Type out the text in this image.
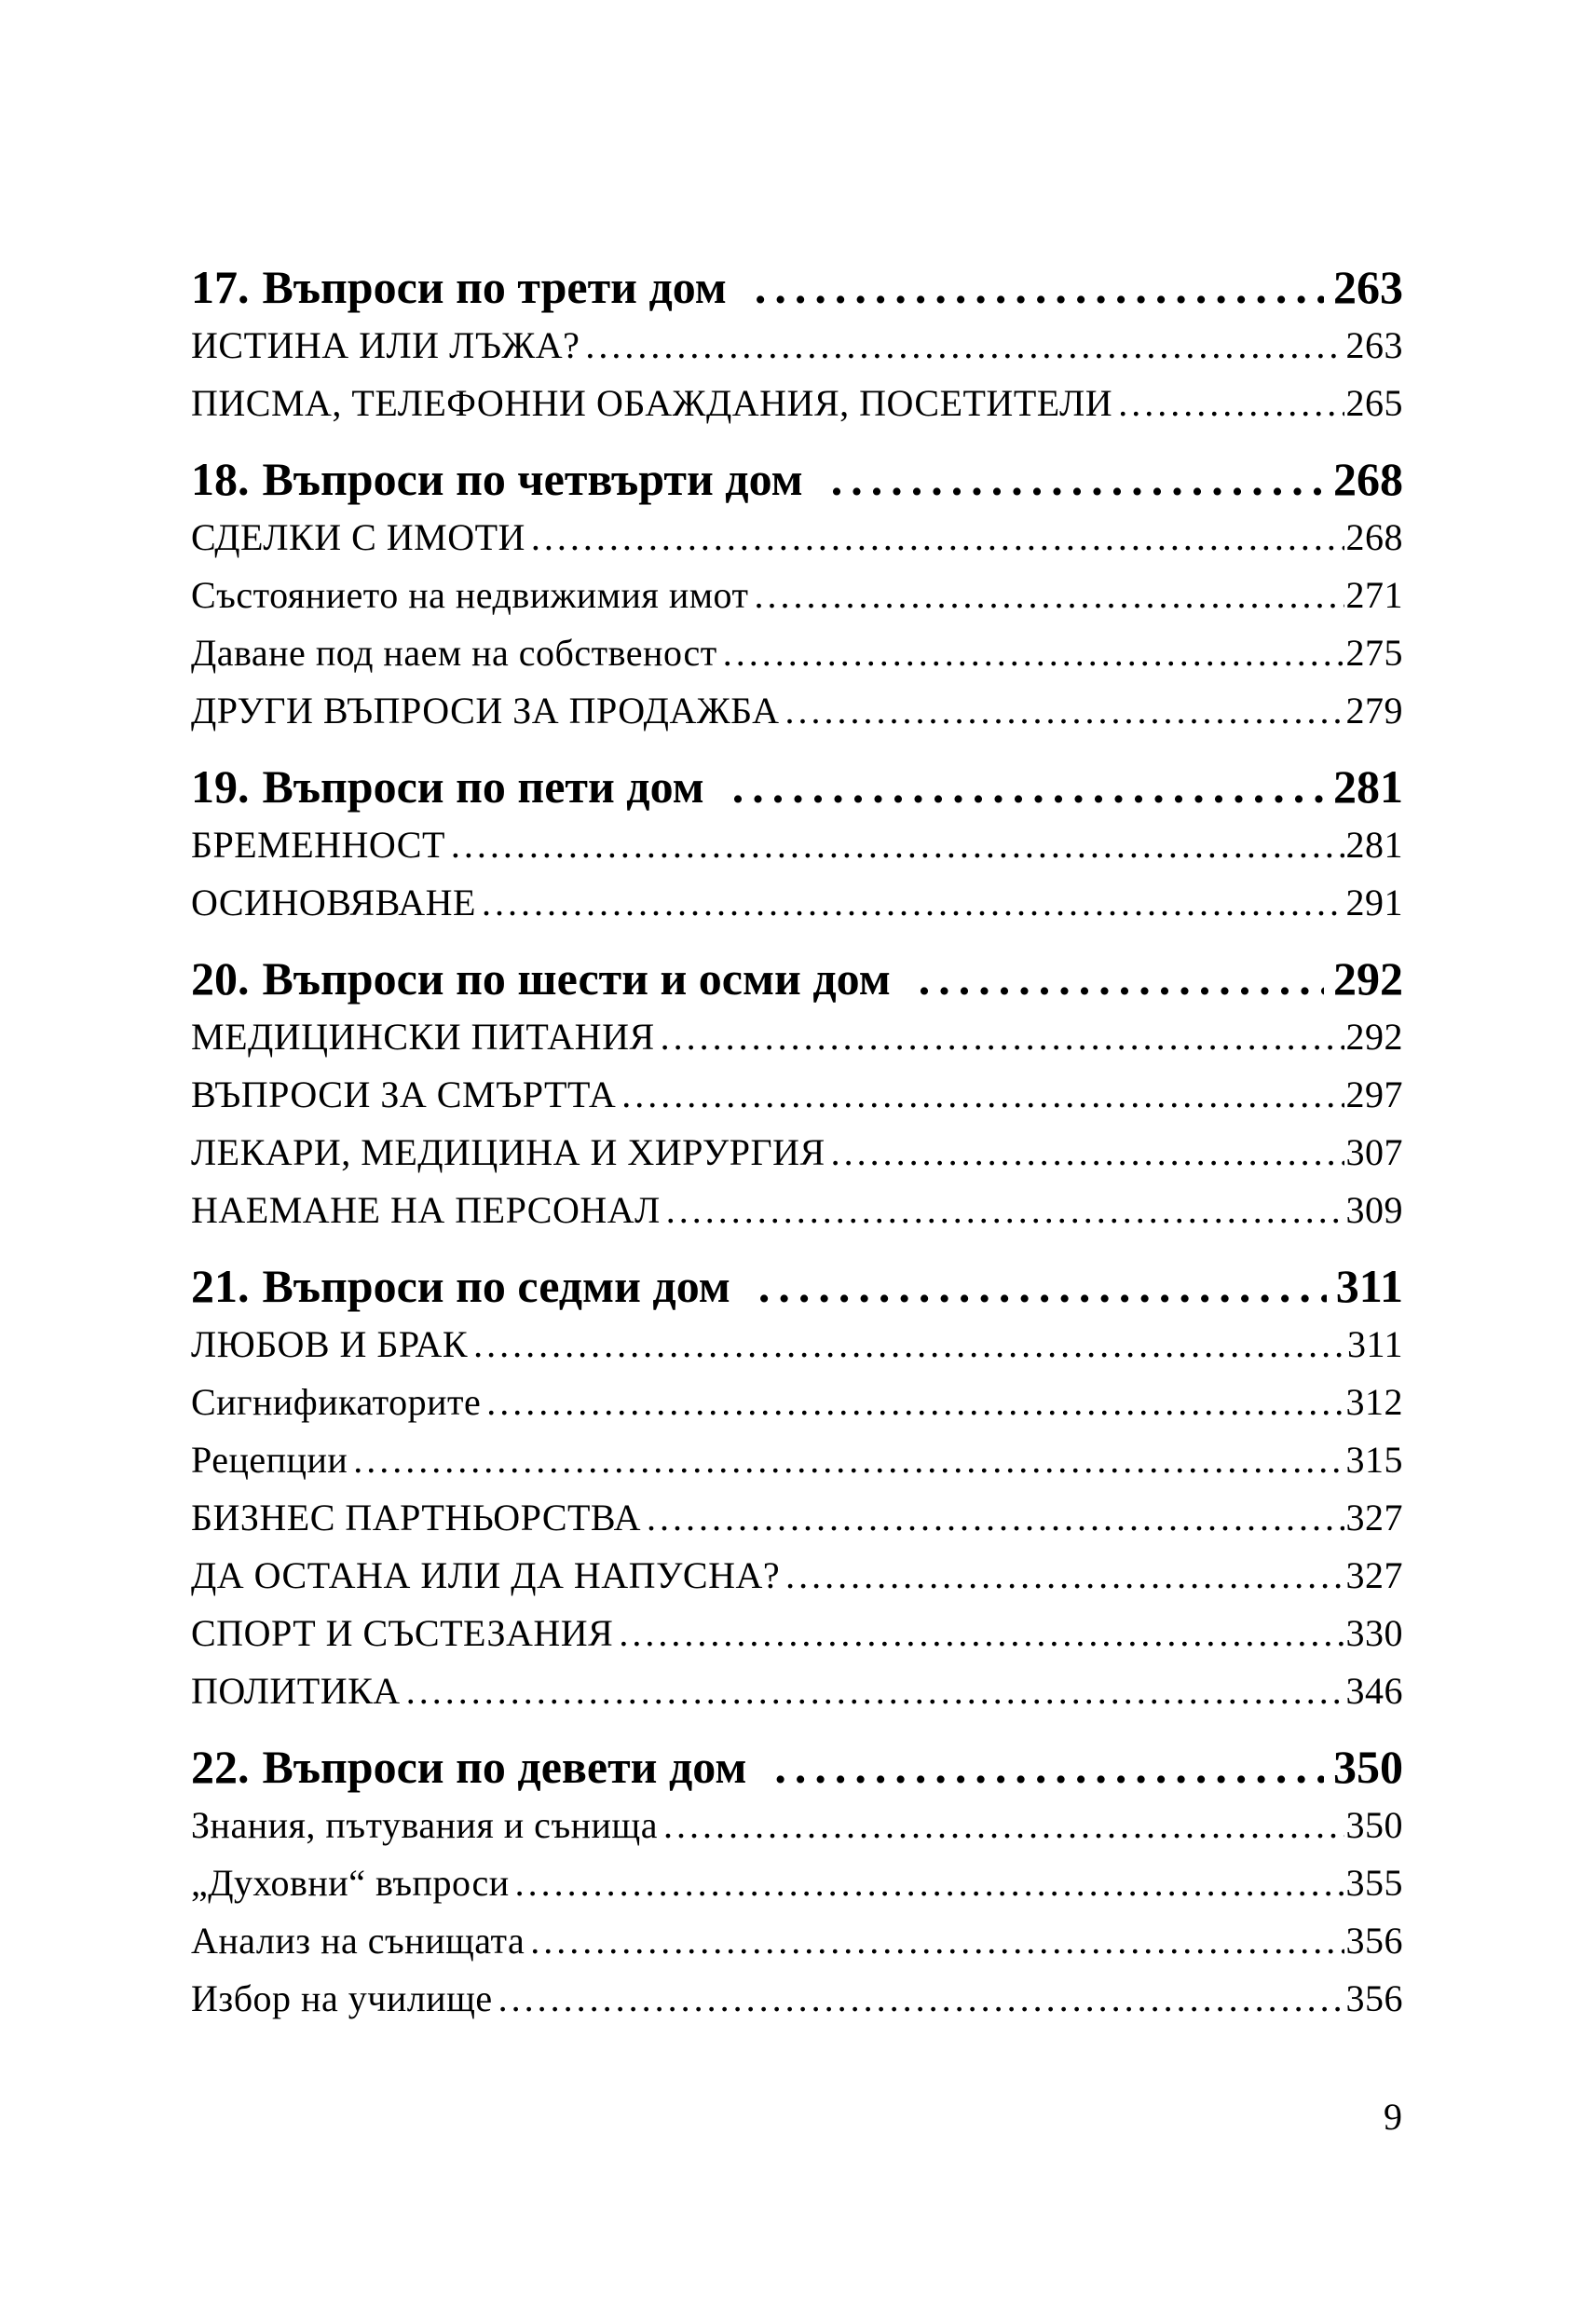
17. Въпроси по трети дом .....	263
ИСТИНА ИЛИ ЛЪЖА? .....	263
ПИСМА, ТЕЛЕФОННИ ОБАЖДАНИЯ, ПОСЕТИТЕЛИ .....	265
18. Въпроси по четвърти дом .....	268
СДЕЛКИ С ИМОТИ .....	268
Състоянието на недвижимия имот .....	271
Даване под наем на собственост .....	275
ДРУГИ ВЪПРОСИ ЗА ПРОДАЖБА .....	279
19. Въпроси по пети дом .....	281
БРЕМЕННОСТ .....	281
ОСИНОВЯВАНЕ .....	291
20. Въпроси по шести и осми дом .....	292
МЕДИЦИНСКИ ПИТАНИЯ .....	292
ВЪПРОСИ ЗА СМЪРТТА .....	297
ЛЕКАРИ, МЕДИЦИНА И ХИРУРГИЯ .....	307
НАЕМАНЕ НА ПЕРСОНАЛ .....	309
21. Въпроси по седми дом .....	311
ЛЮБОВ И БРАК .....	311
Сигнификаторите .....	312
Рецепции .....	315
БИЗНЕС ПАРТНЬОРСТВА .....	327
ДА ОСТАНА ИЛИ ДА НАПУСНА? .....	327
СПОРТ И СЪСТЕЗАНИЯ .....	330
ПОЛИТИКА .....	346
22. Въпроси по девети дом .....	350
Знания, пътувания и сънища .....	350
„Духовни“ въпроси .....	355
Анализ на сънищата .....	356
Избор на училище .....	356
9
